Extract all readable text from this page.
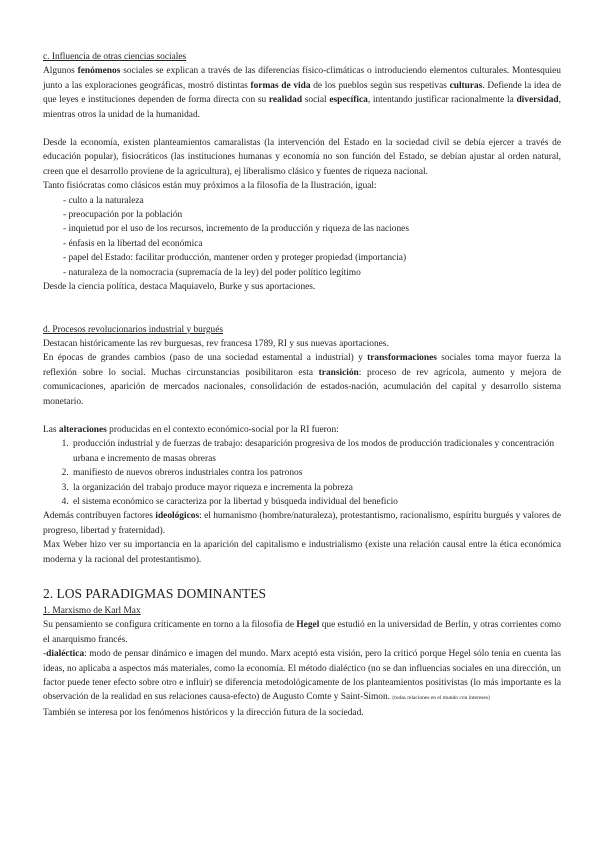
c. Influencia de otras ciencias sociales

Algunos fenómenos sociales se explican a través de las diferencias físico-climáticas o introduciendo elementos culturales. Montesquieu junto a las exploraciones geográficas, mostró distintas formas de vida de los pueblos según sus respetivas culturas. Defiende la idea de que leyes e instituciones dependen de forma directa con su realidad social específica, intentando justificar racionalmente la diversidad, mientras otros la unidad de la humanidad.

Desde la economía, existen planteamientos camaralistas (la intervención del Estado en la sociedad civil se debía ejercer a través de educación popular), fisiocráticos (las instituciones humanas y economía no son función del Estado, se debían ajustar al orden natural, creen que el desarrollo proviene de la agricultura), ej liberalismo clásico y fuentes de riqueza nacional.

Tanto fisiócratas como clásicos están muy próximos a la filosofía de la Ilustración, igual:

- culto a la naturaleza
- preocupación por la población
- inquietud por el uso de los recursos, incremento de la producción y riqueza de las naciones
- énfasis en la libertad del económica
- papel del Estado: facilitar producción, mantener orden y proteger propiedad (importancia)
- naturaleza de la nomocracia (supremacía de la ley) del poder político legítimo

Desde la ciencia política, destaca Maquiavelo, Burke y sus aportaciones.

d. Procesos revolucionarios industrial y burgués

Destacan históricamente las rev burguesas, rev francesa 1789, RI y sus nuevas aportaciones.

En épocas de grandes cambios (paso de una sociedad estamental a industrial) y transformaciones sociales toma mayor fuerza la reflexión sobre lo social. Muchas circunstancias posibilitaron esta transición: proceso de rev agrícola, aumento y mejora de comunicaciones, aparición de mercados nacionales, consolidación de estados-nación, acumulación del capital y desarrollo sistema monetario.

Las alteraciones producidas en el contexto económico-social por la RI fueron:

1. producción industrial y de fuerzas de trabajo: desaparición progresiva de los modos de producción tradicionales y concentración urbana e incremento de masas obreras
2. manifiesto de nuevos obreros industriales contra los patronos
3. la organización del trabajo produce mayor riqueza e incrementa la pobreza
4. el sistema económico se caracteriza por la libertad y búsqueda individual del beneficio

Además contribuyen factores ideológicos: el humanismo (hombre/naturaleza), protestantismo, racionalismo, espíritu burgués y valores de progreso, libertad y fraternidad).

Max Weber hizo ver su importancia en la aparición del capitalismo e industrialismo (existe una relación causal entre la ética económica moderna y la racional del protestantismo).

2. LOS PARADIGMAS DOMINANTES
1. Marxismo de Karl Max

Su pensamiento se configura críticamente en torno a la filosofía de Hegel que estudió en la universidad de Berlín, y otras corrientes como el anarquismo francés.

-dialéctica: modo de pensar dinámico e imagen del mundo. Marx aceptó esta visión, pero la criticó porque Hegel sólo tenía en cuenta las ideas, no aplicaba a aspectos más materiales, como la economía. El método dialéctico (no se dan influencias sociales en una dirección, un factor puede tener efecto sobre otro e influir) se diferencia metodológicamente de los planteamientos positivistas (lo más importante es la observación de la realidad en sus relaciones causa-efecto) de Augusto Comte y Saint-Simon. (todas relaciones en el mundo con intereses)

También se interesa por los fenómenos históricos y la dirección futura de la sociedad.
